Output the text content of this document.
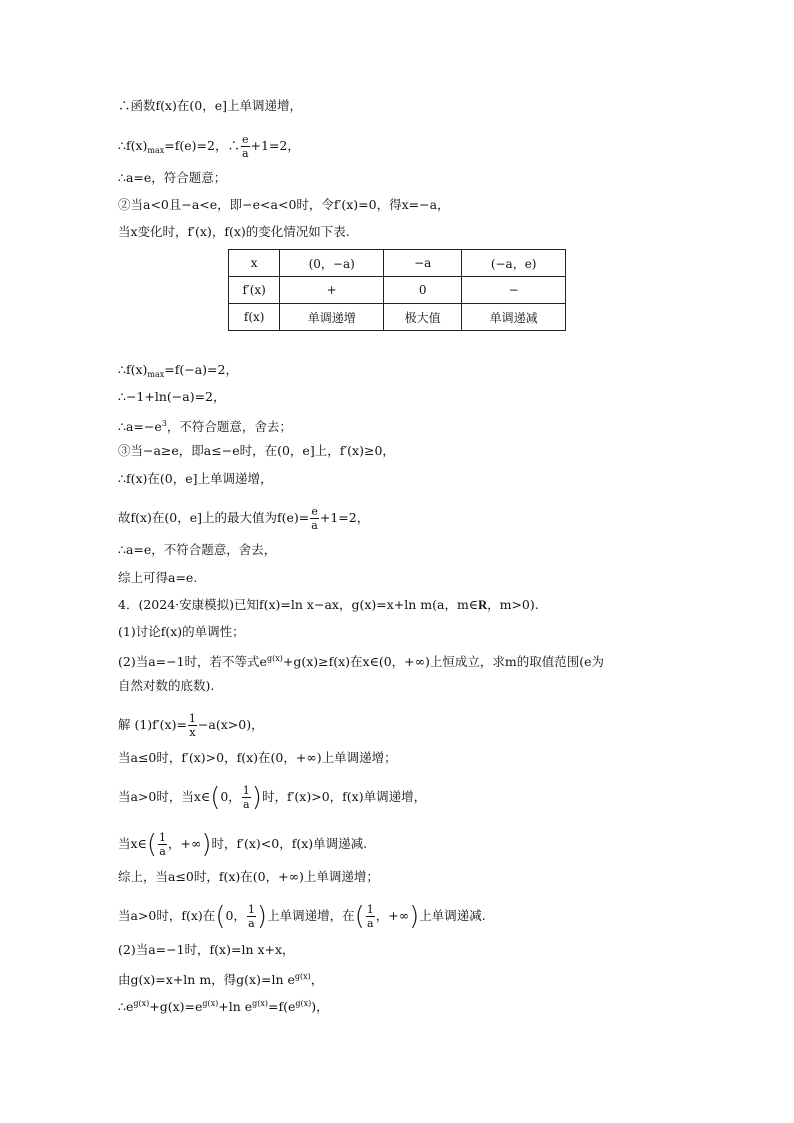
∴函数f(x)在(0，e]上单调递增，
$\therefore f(x)_{max}=f(e)=2$，∴ $\frac{e}{a} +1=2$，
∴a=e，符合题意；
②当a<0且−a<e，即−e<a<0时，令f′(x)=0，得x=−a，
当x变化时，f′(x)，f(x)的变化情况如下表.
x	(0，−a)	−a	(−a，e)
f′(x)	+	0	−
f(x)	单调递增	极大值	单调递减
$\therefore f(x)_{max}=f(-a)=2$，
∴−1+ln(−a)=2，
$\therefore a=-e^3$，不符合题意，舍去；
③当−a≥e，即a≤−e时，在(0，e]上，f′(x)≥0，
∴f(x)在(0，e]上单调递增，
故f(x)在(0，e]上的最大值为$f(e)= \frac{e}{a} +1=2$，
∴a=e，不符合题意，舍去，
综上可得a=e.
4．(2024·安康模拟)已知f(x)=ln x−ax，g(x)=x+ln m(a，m∈R，m>0).
(1)讨论f(x)的单调性；
(2)当a=−1时，若不等式$e^{g(x)}+g(x)\ge f(x)$在x∈(0，+∞)上恒成立，求m的取值范围(e为
自然对数的底数).
解 $(1)f'(x)= \frac{1}{x} -a(x>0)$，
当a≤0时，f′(x)>0，f(x)在(0，+∞)上单调递增；
当a>0时，当x∈(0， $\frac{1}{a}$ )时，f′(x)>0，f(x)单调递增，
当x∈( $\frac{1}{a}$ ，+∞)时，f′(x)<0，f(x)单调递减.
综上，当a≤0时，f(x)在(0，+∞)上单调递增；
当a>0时，f(x)在(0， $\frac{1}{a}$ )上单调递增，在( $\frac{1}{a}$ ，+∞)上单调递减.
(2)当a=−1时，f(x)=ln x+x，
由g(x)=x+ln m，得g(x)=ln $e^{g(x)}$，
$\therefore e^{g(x)}+g(x)=e^{g(x)}+\ln$ $e^{g(x)}=f(e^{g(x)})$，
